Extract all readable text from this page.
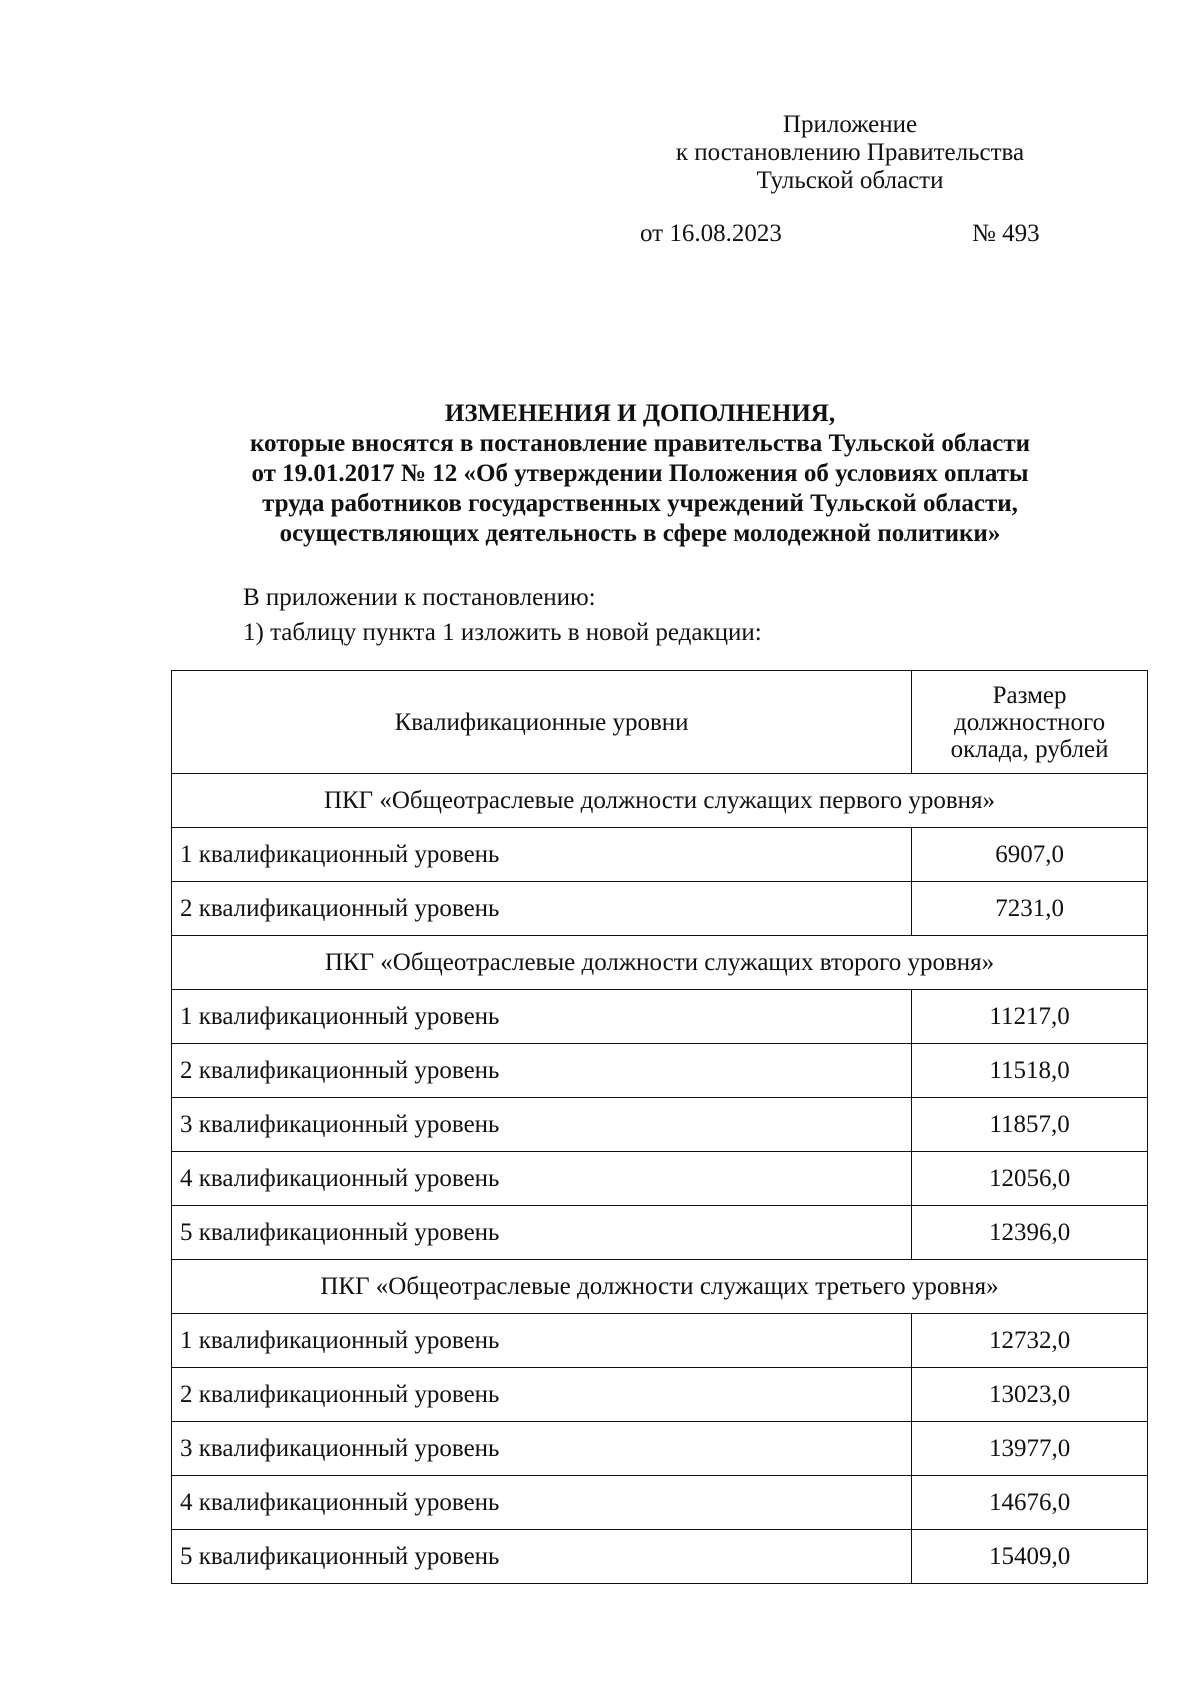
Приложение
к постановлению Правительства
Тульской области
от 16.08.2023	№ 493
ИЗМЕНЕНИЯ И ДОПОЛНЕНИЯ,
которые вносятся в постановление правительства Тульской области
от 19.01.2017 № 12 «Об утверждении Положения об условиях оплаты
труда работников государственных учреждений Тульской области,
осуществляющих деятельность в сфере молодежной политики»
В приложении к постановлению:
1) таблицу пункта 1 изложить в новой редакции:
Квалификационные уровни	Размер
должностного
оклада, рублей

ПКГ «Общеотраслевые должности служащих первого уровня»	
1 квалификационный уровень	6907,0
2 квалификационный уровень	7231,0
ПКГ «Общеотраслевые должности служащих второго уровня»	
1 квалификационный уровень	11217,0
2 квалификационный уровень	11518,0
3 квалификационный уровень	11857,0
4 квалификационный уровень	12056,0
5 квалификационный уровень	12396,0
ПКГ «Общеотраслевые должности служащих третьего уровня»	
1 квалификационный уровень	12732,0
2 квалификационный уровень	13023,0
3 квалификационный уровень	13977,0
4 квалификационный уровень	14676,0
5 квалификационный уровень	15409,0
